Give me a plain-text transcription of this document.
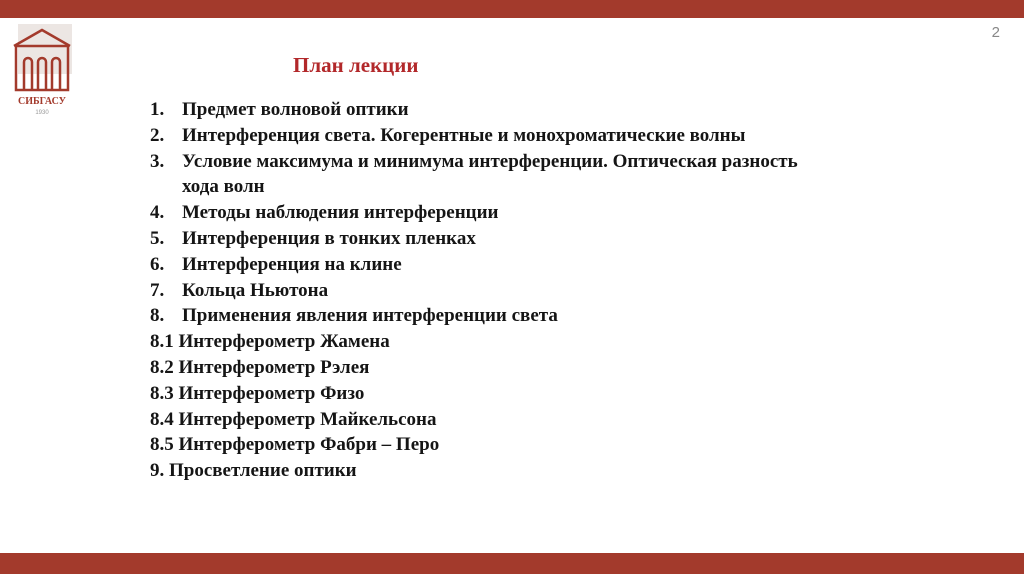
СИБГАСУ
1930
2
План лекции
1. Предмет волновой оптики
2. Интерференция света. Когерентные и монохроматические волны
3. Условие максимума и минимума интерференции. Оптическая разность
хода волн
4. Методы наблюдения интерференции
5. Интерференция в тонких пленках
6. Интерференция на клине
7. Кольца Ньютона
8. Применения явления интерференции света
8.1 Интерферометр Жамена
8.2 Интерферометр Рэлея
8.3 Интерферометр Физо
8.4 Интерферометр Майкельсона
8.5 Интерферометр Фабри – Перо
9. Просветление оптики
